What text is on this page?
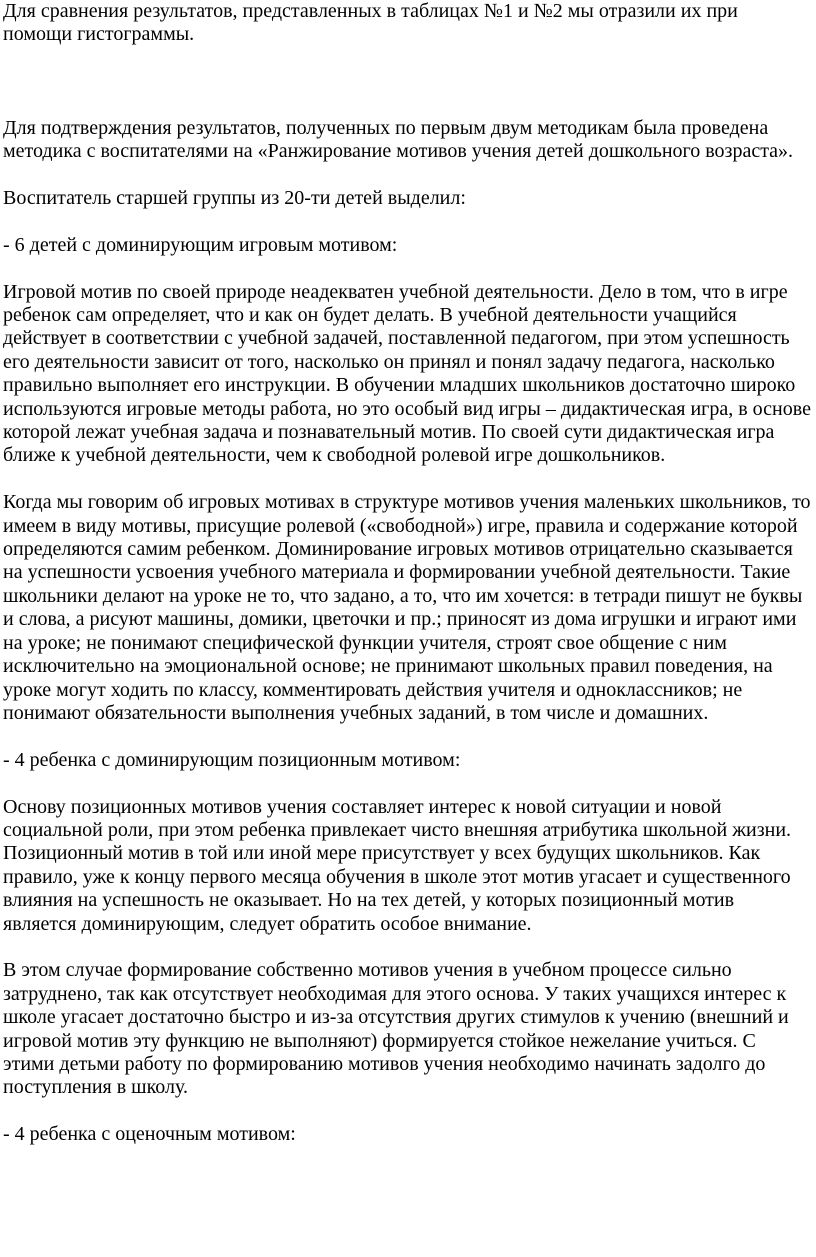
Для сравнения результатов, представленных в таблицах №1 и №2 мы отразили их при помощи гистограммы.

Для подтверждения результатов, полученных по первым двум методикам была проведена методика с воспитателями на «Ранжирование мотивов учения детей дошкольного возраста».

Воспитатель старшей группы из 20-ти детей выделил:

- 6 детей с доминирующим игровым мотивом:

Игровой мотив по своей природе неадекватен учебной деятельности. Дело в том, что в игре ребенок сам определяет, что и как он будет делать. В учебной деятельности учащийся действует в соответствии с учебной задачей, поставленной педагогом, при этом успешность его деятельности зависит от того, насколько он принял и понял задачу педагога, насколько правильно выполняет его инструкции. В обучении младших школьников достаточно широко используются игровые методы работа, но это особый вид игры – дидактическая игра, в основе которой лежат учебная задача и познавательный мотив. По своей сути дидактическая игра ближе к учебной деятельности, чем к свободной ролевой игре дошкольников.

Когда мы говорим об игровых мотивах в структуре мотивов учения маленьких школьников, то имеем в виду мотивы, присущие ролевой («свободной») игре, правила и содержание которой определяются самим ребенком. Доминирование игровых мотивов отрицательно сказывается на успешности усвоения учебного материала и формировании учебной деятельности. Такие школьники делают на уроке не то, что задано, а то, что им хочется: в тетради пишут не буквы и слова, а рисуют машины, домики, цветочки и пр.; приносят из дома игрушки и играют ими на уроке; не понимают специфической функции учителя, строят свое общение с ним исключительно на эмоциональной основе; не принимают школьных правил поведения, на уроке могут ходить по классу, комментировать действия учителя и одноклассников; не понимают обязательности выполнения учебных заданий, в том числе и домашних.

- 4 ребенка с доминирующим позиционным мотивом:

Основу позиционных мотивов учения составляет интерес к новой ситуации и новой социальной роли, при этом ребенка привлекает чисто внешняя атрибутика школьной жизни. Позиционный мотив в той или иной мере присутствует у всех будущих школьников. Как правило, уже к концу первого месяца обучения в школе этот мотив угасает и существенного влияния на успешность не оказывает. Но на тех детей, у которых позиционный мотив является доминирующим, следует обратить особое внимание.

В этом случае формирование собственно мотивов учения в учебном процессе сильно затруднено, так как отсутствует необходимая для этого основа. У таких учащихся интерес к школе угасает достаточно быстро и из-за отсутствия других стимулов к учению (внешний и игровой мотив эту функцию не выполняют) формируется стойкое нежелание учиться. С этими детьми работу по формированию мотивов учения необходимо начинать задолго до поступления в школу.

- 4 ребенка с оценочным мотивом:
